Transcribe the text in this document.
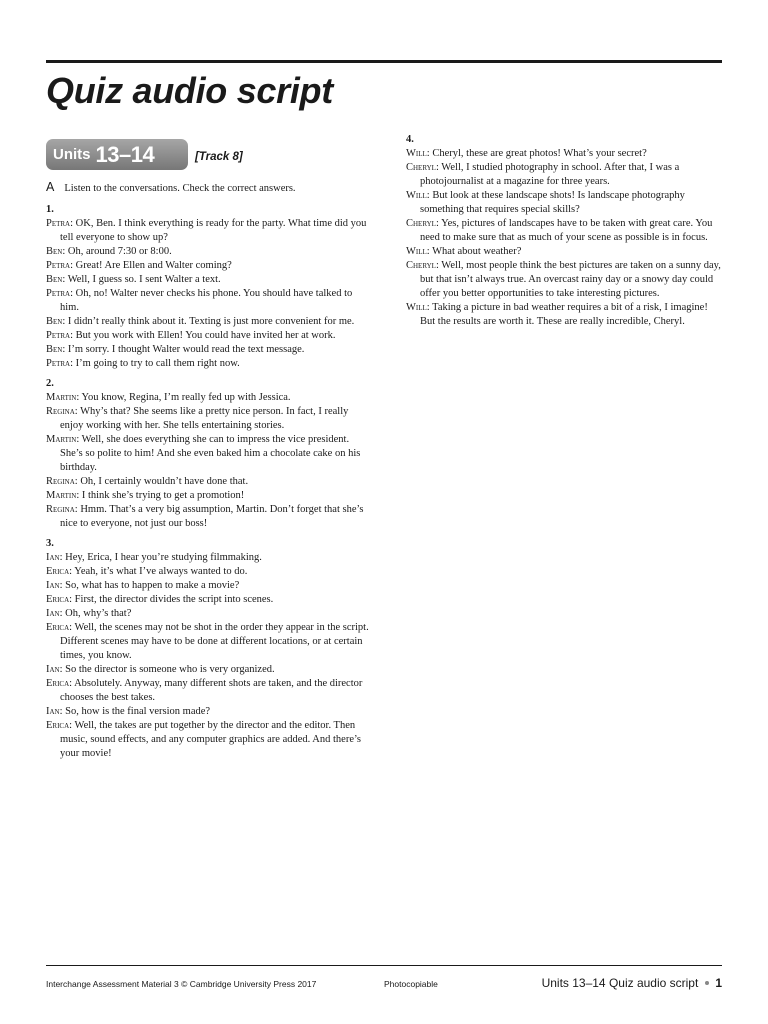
Quiz audio script
Units 13–14	[Track 8]
A Listen to the conversations. Check the correct answers.
1.

Petra: OK, Ben. I think everything is ready for the party. What time did you tell everyone to show up?

Ben: Oh, around 7:30 or 8:00.

Petra: Great! Are Ellen and Walter coming?

Ben: Well, I guess so. I sent Walter a text.

Petra: Oh, no! Walter never checks his phone. You should have talked to him.

Ben: I didn’t really think about it. Texting is just more convenient for me.

Petra: But you work with Ellen! You could have invited her at work.

Ben: I’m sorry. I thought Walter would read the text message.

Petra: I’m going to try to call them right now.

2.

Martin: You know, Regina, I’m really fed up with Jessica.

Regina: Why’s that? She seems like a pretty nice person. In fact, I really enjoy working with her. She tells entertaining stories.

Martin: Well, she does everything she can to impress the vice president. She’s so polite to him! And she even baked him a chocolate cake on his birthday.

Regina: Oh, I certainly wouldn’t have done that.

Martin: I think she’s trying to get a promotion!

Regina: Hmm. That’s a very big assumption, Martin. Don’t forget that she’s nice to everyone, not just our boss!

3.

Ian: Hey, Erica, I hear you’re studying filmmaking.

Erica: Yeah, it’s what I’ve always wanted to do.

Ian: So, what has to happen to make a movie?

Erica: First, the director divides the script into scenes.

Ian: Oh, why’s that?

Erica: Well, the scenes may not be shot in the order they appear in the script. Different scenes may have to be done at different locations, or at certain times, you know.

Ian: So the director is someone who is very organized.

Erica: Absolutely. Anyway, many different shots are taken, and the director chooses the best takes.

Ian: So, how is the final version made?

Erica: Well, the takes are put together by the director and the editor. Then music, sound effects, and any computer graphics are added. And there’s your movie!

4.

Will: Cheryl, these are great photos! What’s your secret?

Cheryl: Well, I studied photography in school. After that, I was a photojournalist at a magazine for three years.

Will: But look at these landscape shots! Is landscape photography something that requires special skills?

Cheryl: Yes, pictures of landscapes have to be taken with great care. You need to make sure that as much of your scene as possible is in focus.

Will: What about weather?

Cheryl: Well, most people think the best pictures are taken on a sunny day, but that isn’t always true. An overcast rainy day or a snowy day could offer you better opportunities to take interesting pictures.

Will: Taking a picture in bad weather requires a bit of a risk, I imagine! But the results are worth it. These are really incredible, Cheryl.

Interchange Assessment Material 3 © Cambridge University Press 2017	Photocopiable	Units 13–14 Quiz audio script 1
